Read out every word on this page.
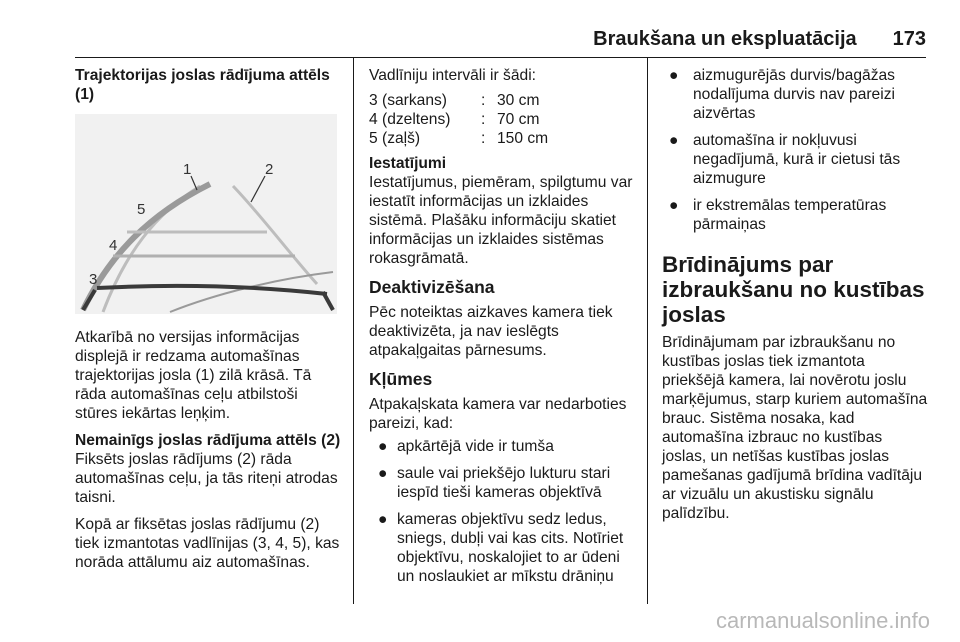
Braukšana un ekspluatācija 173
Trajektorijas joslas rādījuma attēls (1)
1	2
3
4
5

Atkarībā no versijas informācijas displejā ir redzama automašīnas trajektorijas josla (1) zilā krāsā. Tā rāda automašīnas ceļu atbilstoši stūres iekārtas leņķim.

Nemainīgs joslas rādījuma attēls (2)

Fiksēts joslas rādījums (2) rāda automašīnas ceļu, ja tās riteņi atrodas taisni.

Kopā ar fiksētas joslas rādījumu (2) tiek izmantotas vadlīnijas (3, 4, 5), kas norāda attālumu aiz automašīnas.

Vadlīniju intervāli ir šādi:

3 (sarkans)	: 30 cm
4 (dzeltens)	: 70 cm
5 (zaļš)	: 150 cm

Iestatījumi

Iestatījumus, piemēram, spilgtumu var iestatīt informācijas un izklaides sistēmā. Plašāku informāciju skatiet informācijas un izklaides sistēmas rokasgrāmatā.

Deaktivizēšana

Pēc noteiktas aizkaves kamera tiek deaktivizēta, ja nav ieslēgts atpakaļgaitas pārnesums.

Kļūmes

Atpakaļskata kamera var nedarboties pareizi, kad:

● apkārtējā vide ir tumša
● saule vai priekšējo lukturu stari iespīd tieši kameras objektīvā
● kameras objektīvu sedz ledus, sniegs, dubļi vai kas cits. Notīriet objektīvu, noskalojiet to ar ūdeni un noslaukiet ar mīkstu drāniņu
● aizmugurējās durvis/bagāžas nodalījuma durvis nav pareizi aizvērtas
● automašīna ir nokļuvusi negadījumā, kurā ir cietusi tās aizmugure
● ir ekstremālas temperatūras pārmaiņas
Brīdinājums par izbraukšanu no kustības joslas

Brīdinājumam par izbraukšanu no kustības joslas tiek izmantota priekšējā kamera, lai novērotu joslu marķējumus, starp kuriem automašīna brauc. Sistēma nosaka, kad automašīna izbrauc no kustības joslas, un netīšas kustības joslas pamešanas gadījumā brīdina vadītāju ar vizuālu un akustisku signālu palīdzību.

carmanualsonline.info
